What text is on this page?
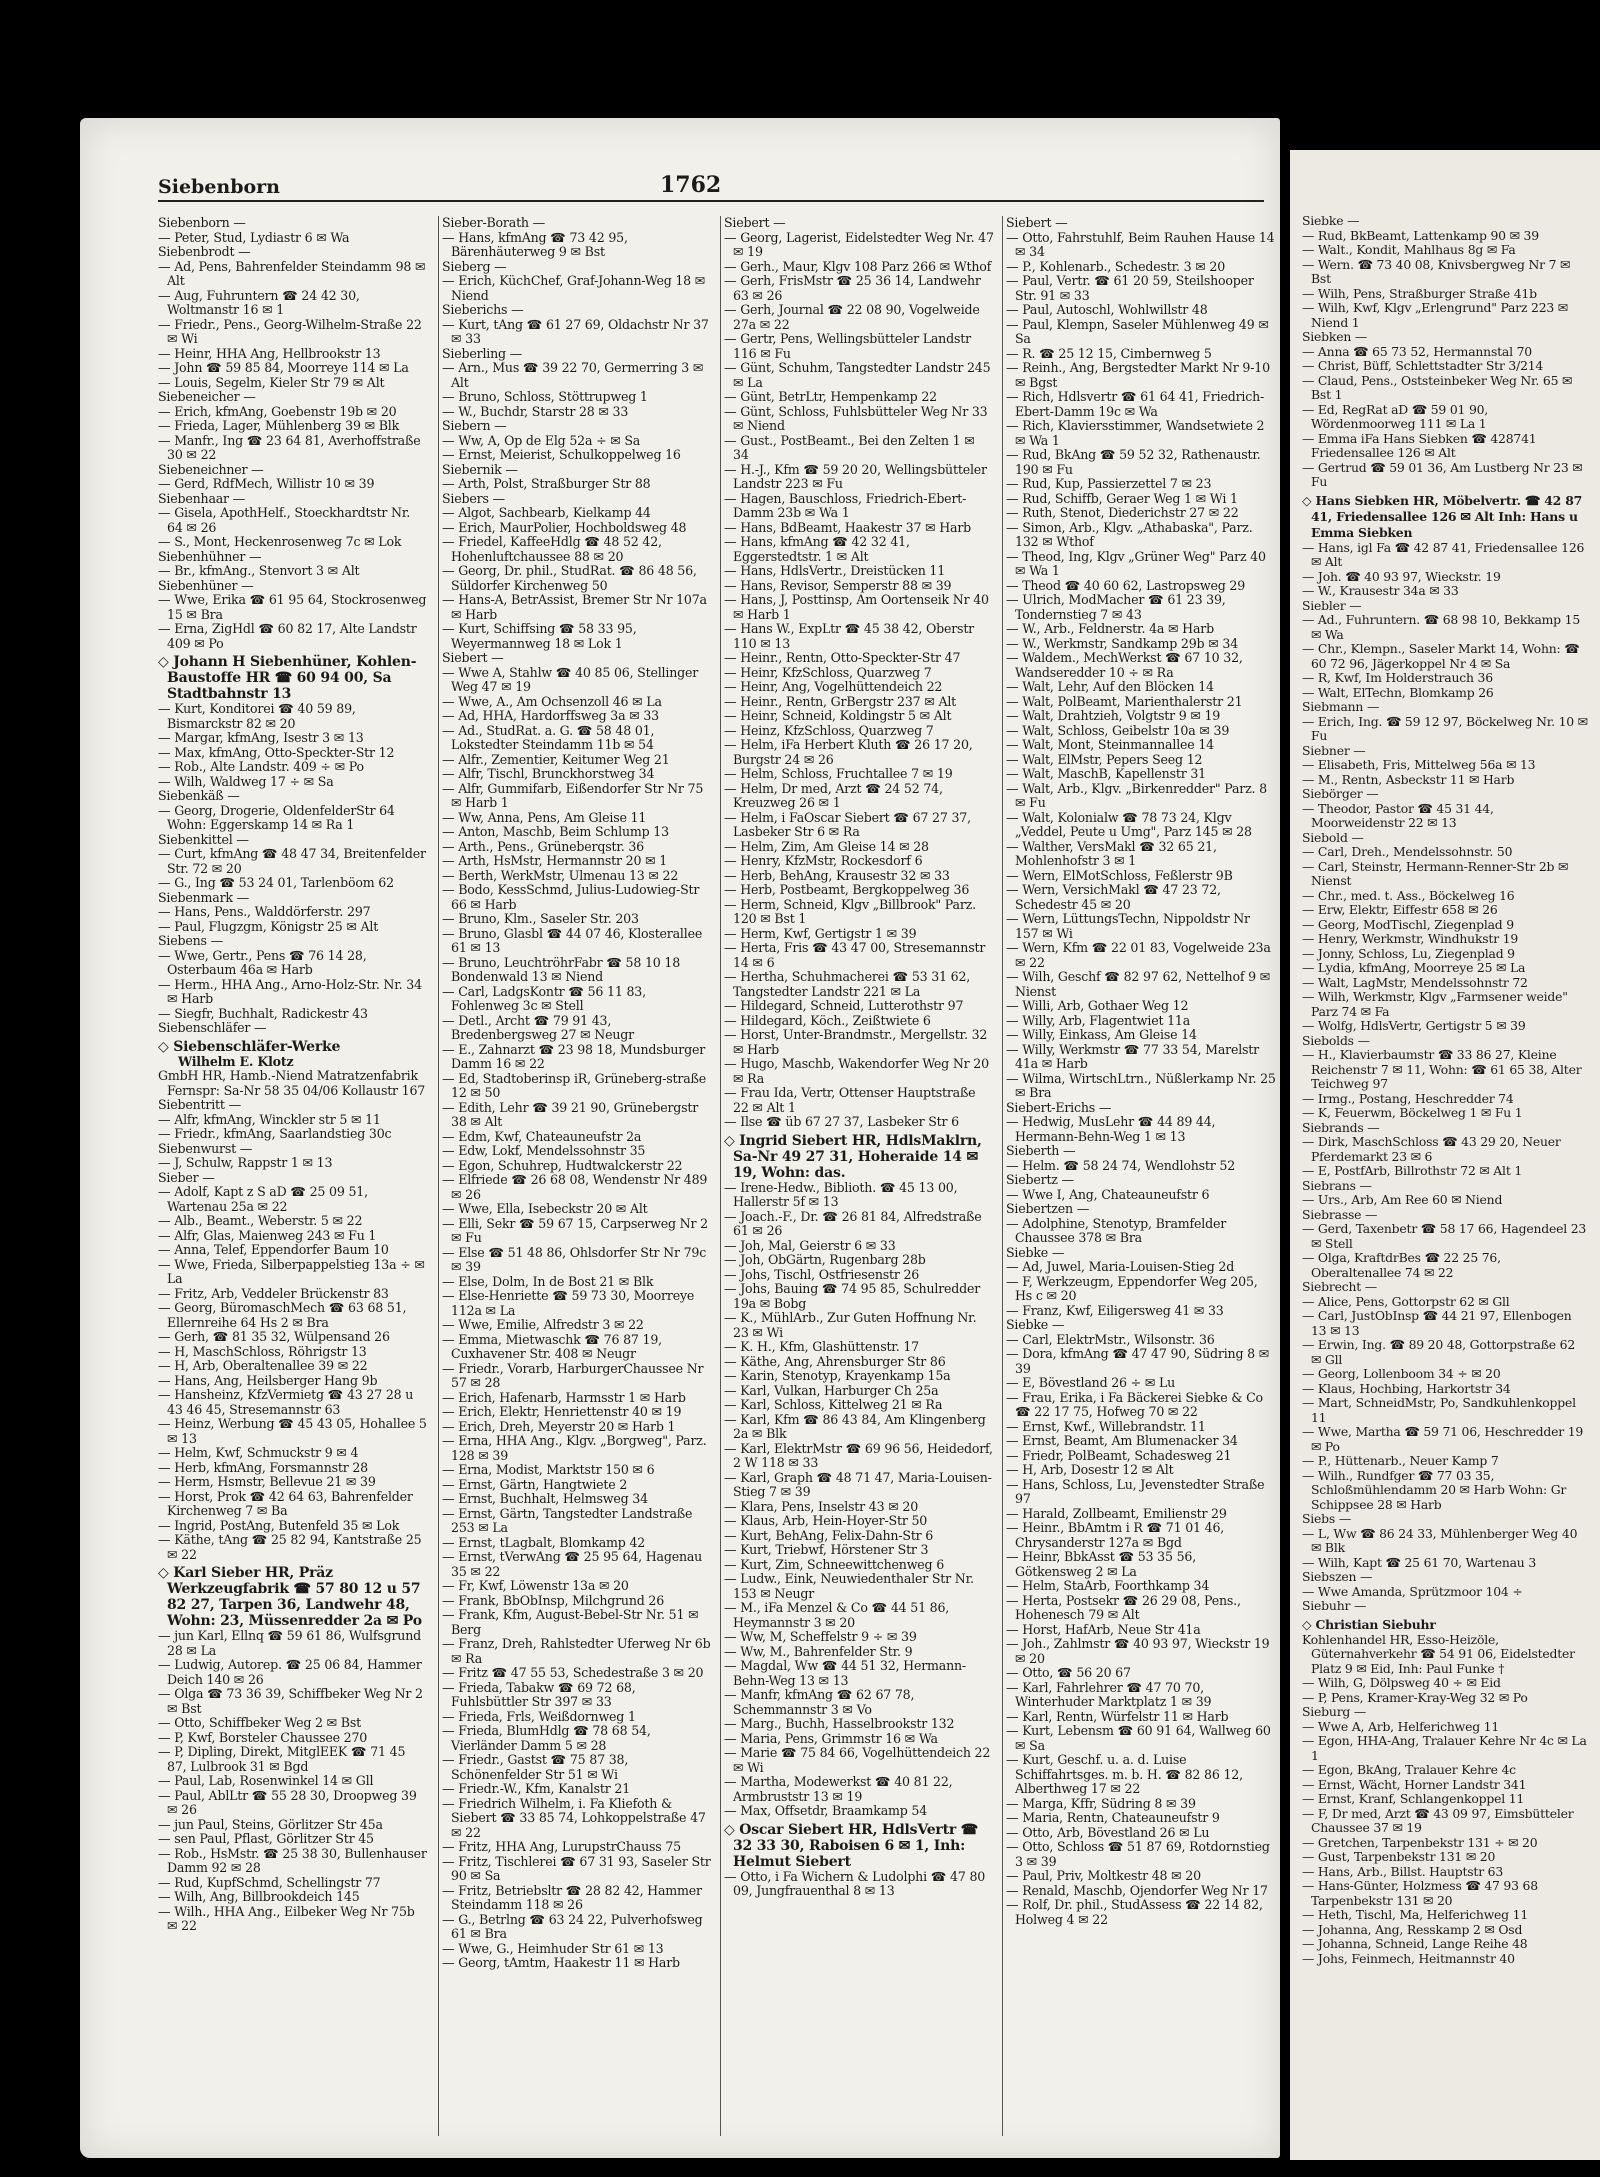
Siebenborn	1762
Siebenborn —
— Peter, Stud, Lydiastr 6 ✉ Wa
Siebenbrodt —
— Ad, Pens, Bahrenfelder Steindamm 98 ✉ Alt
— Aug, Fuhruntern ☎ 24 42 30, Woltmanstr 16 ✉ 1
— Friedr., Pens., Georg-Wilhelm-Straße 22 ✉ Wi
— Heinr, HHA Ang, Hellbrookstr 13
— John ☎ 59 85 84, Moorreye 114 ✉ La
— Louis, Segelm, Kieler Str 79 ✉ Alt
Siebeneicher —
— Erich, kfmAng, Goebenstr 19b ✉ 20
— Frieda, Lager, Mühlenberg 39 ✉ Blk
— Manfr., Ing ☎ 23 64 81, Averhoffstraße 30 ✉ 22
Siebeneichner —
— Gerd, RdfMech, Willistr 10 ✉ 39
Siebenhaar —
— Gisela, ApothHelf., Stoeckhardtstr Nr. 64 ✉ 26
— S., Mont, Heckenrosenweg 7c ✉ Lok
Siebenhühner —
— Br., kfmAng., Stenvort 3 ✉ Alt
Siebenhüner —
— Wwe, Erika ☎ 61 95 64, Stockrosenweg 15 ✉ Bra
— Erna, ZigHdl ☎ 60 82 17, Alte Landstr 409 ✉ Po
◇ Johann H Siebenhüner, Kohlen-Baustoffe HR ☎ 60 94 00, Sa Stadtbahnstr 13
— Kurt, Konditorei ☎ 40 59 89, Bismarckstr 82 ✉ 20
— Margar, kfmAng, Isestr 3 ✉ 13
— Max, kfmAng, Otto-Speckter-Str 12
— Rob., Alte Landstr. 409 ÷ ✉ Po
— Wilh, Waldweg 17 ÷ ✉ Sa
Siebenkäß —
— Georg, Drogerie, OldenfelderStr 64 Wohn: Eggerskamp 14 ✉ Ra 1
Siebenkittel —
— Curt, kfmAng ☎ 48 47 34, Breitenfelder Str. 72 ✉ 20
— G., Ing ☎ 53 24 01, Tarlenböom 62
Siebenmark —
— Hans, Pens., Walddörferstr. 297
— Paul, Flugzgm, Königstr 25 ✉ Alt
Siebens —
— Wwe, Gertr., Pens ☎ 76 14 28, Osterbaum 46a ✉ Harb
— Herm., HHA Ang., Arno-Holz-Str. Nr. 34 ✉ Harb
— Siegfr, Buchhalt, Radickestr 43
Siebenschläfer —
◇ Siebenschläfer-Werke
Wilhelm E. Klotz
GmbH HR, Hamb.-Niend Matratzenfabrik Fernspr: Sa-Nr 58 35 04/06 Kollaustr 167
Siebentritt —
— Alfr, kfmAng, Winckler str 5 ✉ 11
— Friedr., kfmAng, Saarlandstieg 30c
Siebenwurst —
— J, Schulw, Rappstr 1 ✉ 13
Sieber —
— Adolf, Kapt z S aD ☎ 25 09 51, Wartenau 25a ✉ 22
— Alb., Beamt., Weberstr. 5 ✉ 22
— Alfr, Glas, Maienweg 243 ✉ Fu 1
— Anna, Telef, Eppendorfer Baum 10
— Wwe, Frieda, Silberpappelstieg 13a ÷ ✉ La
— Fritz, Arb, Veddeler Brückenstr 83
— Georg, BüromaschMech ☎ 63 68 51, Ellernreihe 64 Hs 2 ✉ Bra
— Gerh, ☎ 81 35 32, Wülpensand 26
— H, MaschSchloss, Röhrigstr 13
— H, Arb, Oberaltenallee 39 ✉ 22
— Hans, Ang, Heilsberger Hang 9b
— Hansheinz, KfzVermietg ☎ 43 27 28 u 43 46 45, Stresemannstr 63
— Heinz, Werbung ☎ 45 43 05, Hohallee 5 ✉ 13
— Helm, Kwf, Schmuckstr 9 ✉ 4
— Herb, kfmAng, Forsmannstr 28
— Herm, Hsmstr, Bellevue 21 ✉ 39
— Horst, Prok ☎ 42 64 63, Bahrenfelder Kirchenweg 7 ✉ Ba
— Ingrid, PostAng, Butenfeld 35 ✉ Lok
— Käthe, tAng ☎ 25 82 94, Kantstraße 25 ✉ 22
◇ Karl Sieber HR, Präz Werkzeugfabrik ☎ 57 80 12 u 57 82 27, Tarpen 36, Landwehr 48, Wohn: 23, Müssenredder 2a ✉ Po
— jun Karl, Ellnq ☎ 59 61 86, Wulfsgrund 28 ✉ La
— Ludwig, Autorep. ☎ 25 06 84, Hammer Deich 140 ✉ 26
— Olga ☎ 73 36 39, Schiffbeker Weg Nr 2 ✉ Bst
— Otto, Schiffbeker Weg 2 ✉ Bst
— P, Kwf, Borsteler Chaussee 270
— P, Dipling, Direkt, MitglEEK ☎ 71 45 87, Lulbrook 31 ✉ Bgd
— Paul, Lab, Rosenwinkel 14 ✉ Gll
— Paul, AblLtr ☎ 55 28 30, Droopweg 39 ✉ 26
— jun Paul, Steins, Görlitzer Str 45a
— sen Paul, Pflast, Görlitzer Str 45
— Rob., HsMstr. ☎ 25 38 30, Bullenhauser Damm 92 ✉ 28
— Rud, KupfSchmd, Schellingstr 77
— Wilh, Ang, Billbrookdeich 145
— Wilh., HHA Ang., Eilbeker Weg Nr 75b ✉ 22
Sieber-Borath —
— Hans, kfmAng ☎ 73 42 95, Bärenhäuterweg 9 ✉ Bst
Sieberg —
— Erich, KüchChef, Graf-Johann-Weg 18 ✉ Niend
Sieberichs —
— Kurt, tAng ☎ 61 27 69, Oldachstr Nr 37 ✉ 33
Sieberling —
— Arn., Mus ☎ 39 22 70, Germerring 3 ✉ Alt
— Bruno, Schloss, Stöttrupweg 1
— W., Buchdr, Starstr 28 ✉ 33
Siebern —
— Ww, A, Op de Elg 52a ÷ ✉ Sa
— Ernst, Meierist, Schulkoppelweg 16
Siebernik —
— Arth, Polst, Straßburger Str 88
Siebers —
— Algot, Sachbearb, Kielkamp 44
— Erich, MaurPolier, Hochboldsweg 48
— Friedel, KaffeeHdlg ☎ 48 52 42, Hohenluftchaussee 88 ✉ 20
— Georg, Dr. phil., StudRat. ☎ 86 48 56, Süldorfer Kirchenweg 50
— Hans-A, BetrAssist, Bremer Str Nr 107a ✉ Harb
— Kurt, Schiffsing ☎ 58 33 95, Weyermannweg 18 ✉ Lok 1
Siebert —
— Wwe A, Stahlw ☎ 40 85 06, Stellinger Weg 47 ✉ 19
— Wwe, A., Am Ochsenzoll 46 ✉ La
— Ad, HHA, Hardorffsweg 3a ✉ 33
— Ad., StudRat. a. G. ☎ 58 48 01, Lokstedter Steindamm 11b ✉ 54
— Alfr., Zementier, Keitumer Weg 21
— Alfr, Tischl, Brunckhorstweg 34
— Alfr, Gummifarb, Eißendorfer Str Nr 75 ✉ Harb 1
— Ww, Anna, Pens, Am Gleise 11
— Anton, Maschb, Beim Schlump 13
— Arth., Pens., Grüneberqstr. 36
— Arth, HsMstr, Hermannstr 20 ✉ 1
— Berth, WerkMstr, Ulmenau 13 ✉ 22
— Bodo, KessSchmd, Julius-Ludowieg-Str 66 ✉ Harb
— Bruno, Klm., Saseler Str. 203
— Bruno, Glasbl ☎ 44 07 46, Klosterallee 61 ✉ 13
— Bruno, LeuchtröhrFabr ☎ 58 10 18 Bondenwald 13 ✉ Niend
— Carl, LadgsKontr ☎ 56 11 83, Fohlenweg 3c ✉ Stell
— Detl., Archt ☎ 79 91 43, Bredenbergsweg 27 ✉ Neugr
— E., Zahnarzt ☎ 23 98 18, Mundsburger Damm 16 ✉ 22
— Ed, Stadtoberinsp iR, Grüneberg-straße 12 ✉ 50
— Edith, Lehr ☎ 39 21 90, Grünebergstr 38 ✉ Alt
— Edm, Kwf, Chateauneufstr 2a
— Edw, Lokf, Mendelssohnstr 35
— Egon, Schuhrep, Hudtwalckerstr 22
— Elfriede ☎ 26 68 08, Wendenstr Nr 489 ✉ 26
— Wwe, Ella, Isebeckstr 20 ✉ Alt
— Elli, Sekr ☎ 59 67 15, Carpserweg Nr 2 ✉ Fu
— Else ☎ 51 48 86, Ohlsdorfer Str Nr 79c ✉ 39
— Else, Dolm, In de Bost 21 ✉ Blk
— Else-Henriette ☎ 59 73 30, Moorreye 112a ✉ La
— Wwe, Emilie, Alfredstr 3 ✉ 22
— Emma, Mietwaschk ☎ 76 87 19, Cuxhavener Str. 408 ✉ Neugr
— Friedr., Vorarb, HarburgerChaussee Nr 57 ✉ 28
— Erich, Hafenarb, Harmsstr 1 ✉ Harb
— Erich, Elektr, Henriettenstr 40 ✉ 19
— Erich, Dreh, Meyerstr 20 ✉ Harb 1
— Erna, HHA Ang., Klgv. „Borgweg", Parz. 128 ✉ 39
— Erna, Modist, Marktstr 150 ✉ 6
— Ernst, Gärtn, Hangtwiete 2
— Ernst, Buchhalt, Helmsweg 34
— Ernst, Gärtn, Tangstedter Landstraße 253 ✉ La
— Ernst, tLagbalt, Blomkamp 42
— Ernst, tVerwAng ☎ 25 95 64, Hagenau 35 ✉ 22
— Fr, Kwf, Löwenstr 13a ✉ 20
— Frank, BbObInsp, Milchgrund 26
— Frank, Kfm, August-Bebel-Str Nr. 51 ✉ Berg
— Franz, Dreh, Rahlstedter Uferweg Nr 6b ✉ Ra
— Fritz ☎ 47 55 53, Schedestraße 3 ✉ 20
— Frieda, Tabakw ☎ 69 72 68, Fuhlsbüttler Str 397 ✉ 33
— Frieda, Frls, Weißdornweg 1
— Frieda, BlumHdlg ☎ 78 68 54, Vierländer Damm 5 ✉ 28
— Friedr., Gastst ☎ 75 87 38, Schönenfelder Str 51 ✉ Wi
— Friedr.-W., Kfm, Kanalstr 21
— Friedrich Wilhelm, i. Fa Kliefoth & Siebert ☎ 33 85 74, Lohkoppelstraße 47 ✉ 22
— Fritz, HHA Ang, LurupstrChauss 75
— Fritz, Tischlerei ☎ 67 31 93, Saseler Str 90 ✉ Sa
— Fritz, Betriebsltr ☎ 28 82 42, Hammer Steindamm 118 ✉ 26
— G., Betrlng ☎ 63 24 22, Pulverhofsweg 61 ✉ Bra
— Wwe, G., Heimhuder Str 61 ✉ 13
— Georg, tAmtm, Haakestr 11 ✉ Harb
Siebert —
— Georg, Lagerist, Eidelstedter Weg Nr. 47 ✉ 19
— Gerh., Maur, Klgv 108 Parz 266 ✉ Wthof
— Gerh, FrisMstr ☎ 25 36 14, Landwehr 63 ✉ 26
— Gerh, Journal ☎ 22 08 90, Vogelweide 27a ✉ 22
— Gertr, Pens, Wellingsbütteler Landstr 116 ✉ Fu
— Günt, Schuhm, Tangstedter Landstr 245 ✉ La
— Günt, BetrLtr, Hempenkamp 22
— Günt, Schloss, Fuhlsbütteler Weg Nr 33 ✉ Niend
— Gust., PostBeamt., Bei den Zelten 1 ✉ 34
— H.-J., Kfm ☎ 59 20 20, Wellingsbütteler Landstr 223 ✉ Fu
— Hagen, Bauschloss, Friedrich-Ebert-Damm 23b ✉ Wa 1
— Hans, BdBeamt, Haakestr 37 ✉ Harb
— Hans, kfmAng ☎ 42 32 41, Eggerstedtstr. 1 ✉ Alt
— Hans, HdlsVertr., Dreistücken 11
— Hans, Revisor, Semperstr 88 ✉ 39
— Hans, J, Posttinsp, Am Oortenseik Nr 40 ✉ Harb 1
— Hans W., ExpLtr ☎ 45 38 42, Oberstr 110 ✉ 13
— Heinr., Rentn, Otto-Speckter-Str 47
— Heinr, KfzSchloss, Quarzweg 7
— Heinr, Ang, Vogelhüttendeich 22
— Heinr., Rentn, GrBergstr 237 ✉ Alt
— Heinr, Schneid, Koldingstr 5 ✉ Alt
— Heinz, KfzSchloss, Quarzweg 7
— Helm, iFa Herbert Kluth ☎ 26 17 20, Burgstr 24 ✉ 26
— Helm, Schloss, Fruchtallee 7 ✉ 19
— Helm, Dr med, Arzt ☎ 24 52 74, Kreuzweg 26 ✉ 1
— Helm, i FaOscar Siebert ☎ 67 27 37, Lasbeker Str 6 ✉ Ra
— Helm, Zim, Am Gleise 14 ✉ 28
— Henry, KfzMstr, Rockesdorf 6
— Herb, BehAng, Krausestr 32 ✉ 33
— Herb, Postbeamt, Bergkoppelweg 36
— Herm, Schneid, Klgv „Billbrook" Parz. 120 ✉ Bst 1
— Herm, Kwf, Gertigstr 1 ✉ 39
— Herta, Fris ☎ 43 47 00, Stresemannstr 14 ✉ 6
— Hertha, Schuhmacherei ☎ 53 31 62, Tangstedter Landstr 221 ✉ La
— Hildegard, Schneid, Lutterothstr 97
— Hildegard, Köch., Zeißtwiete 6
— Horst, Unter-Brandmstr., Mergellstr. 32 ✉ Harb
— Hugo, Maschb, Wakendorfer Weg Nr 20 ✉ Ra
— Frau Ida, Vertr, Ottenser Hauptstraße 22 ✉ Alt 1
— Ilse ☎ üb 67 27 37, Lasbeker Str 6
◇ Ingrid Siebert HR, HdlsMaklrn, Sa-Nr 49 27 31, Hoheraide 14 ✉ 19, Wohn: das.
— Irene-Hedw., Biblioth. ☎ 45 13 00, Hallerstr 5f ✉ 13
— Joach.-F., Dr. ☎ 26 81 84, Alfredstraße 61 ✉ 26
— Joh, Mal, Geierstr 6 ✉ 33
— Joh, ObGärtn, Rugenbarg 28b
— Johs, Tischl, Ostfriesenstr 26
— Johs, Bauing ☎ 74 95 85, Schulredder 19a ✉ Bobg
— K., MühlArb., Zur Guten Hoffnung Nr. 23 ✉ Wi
— K. H., Kfm, Glashüttenstr. 17
— Käthe, Ang, Ahrensburger Str 86
— Karin, Stenotyp, Krayenkamp 15a
— Karl, Vulkan, Harburger Ch 25a
— Karl, Schloss, Kittelweg 21 ✉ Ra
— Karl, Kfm ☎ 86 43 84, Am Klingenberg 2a ✉ Blk
— Karl, ElektrMstr ☎ 69 96 56, Heidedorf, 2 W 118 ✉ 33
— Karl, Graph ☎ 48 71 47, Maria-Louisen-Stieg 7 ✉ 39
— Klara, Pens, Inselstr 43 ✉ 20
— Klaus, Arb, Hein-Hoyer-Str 50
— Kurt, BehAng, Felix-Dahn-Str 6
— Kurt, Triebwf, Hörstener Str 3
— Kurt, Zim, Schneewittchenweg 6
— Ludw., Eink, Neuwiedenthaler Str Nr. 153 ✉ Neugr
— M., iFa Menzel & Co ☎ 44 51 86, Heymannstr 3 ✉ 20
— Ww, M, Scheffelstr 9 ÷ ✉ 39
— Ww, M., Bahrenfelder Str. 9
— Magdal, Ww ☎ 44 51 32, Hermann-Behn-Weg 13 ✉ 13
— Manfr, kfmAng ☎ 62 67 78, Schemmannstr 3 ✉ Vo
— Marg., Buchh, Hasselbrookstr 132
— Maria, Pens, Grimmstr 16 ✉ Wa
— Marie ☎ 75 84 66, Vogelhüttendeich 22 ✉ Wi
— Martha, Modewerkst ☎ 40 81 22, Armbruststr 13 ✉ 19
— Max, Offsetdr, Braamkamp 54
◇ Oscar Siebert HR, HdlsVertr ☎ 32 33 30, Raboisen 6 ✉ 1, Inh: Helmut Siebert
— Otto, i Fa Wichern & Ludolphi ☎ 47 80 09, Jungfrauenthal 8 ✉ 13
Siebert —
— Otto, Fahrstuhlf, Beim Rauhen Hause 14 ✉ 34
— P., Kohlenarb., Schedestr. 3 ✉ 20
— Paul, Vertr. ☎ 61 20 59, Steilshooper Str. 91 ✉ 33
— Paul, Autoschl, Wohlwillstr 48
— Paul, Klempn, Saseler Mühlenweg 49 ✉ Sa
— R. ☎ 25 12 15, Cimbernweg 5
— Reinh., Ang, Bergstedter Markt Nr 9-10 ✉ Bgst
— Rich, Hdlsvertr ☎ 61 64 41, Friedrich-Ebert-Damm 19c ✉ Wa
— Rich, Klaviersstimmer, Wandsetwiete 2 ✉ Wa 1
— Rud, BkAng ☎ 59 52 32, Rathenaustr. 190 ✉ Fu
— Rud, Kup, Passierzettel 7 ✉ 23
— Rud, Schiffb, Geraer Weg 1 ✉ Wi 1
— Ruth, Stenot, Diederichstr 27 ✉ 22
— Simon, Arb., Klgv. „Athabaska", Parz. 132 ✉ Wthof
— Theod, Ing, Klgv „Grüner Weg" Parz 40 ✉ Wa 1
— Theod ☎ 40 60 62, Lastropsweg 29
— Ulrich, ModMacher ☎ 61 23 39, Tondernstieg 7 ✉ 43
— W., Arb., Feldnerstr. 4a ✉ Harb
— W., Werkmstr, Sandkamp 29b ✉ 34
— Waldem., MechWerkst ☎ 67 10 32, Wandseredder 10 ÷ ✉ Ra
— Walt, Lehr, Auf den Blöcken 14
— Walt, PolBeamt, Marienthalerstr 21
— Walt, Drahtzieh, Volgtstr 9 ✉ 19
— Walt, Schloss, Geibelstr 10a ✉ 39
— Walt, Mont, Steinmannallee 14
— Walt, ElMstr, Pepers Seeg 12
— Walt, MaschB, Kapellenstr 31
— Walt, Arb., Klgv. „Birkenredder" Parz. 8 ✉ Fu
— Walt, Kolonialw ☎ 78 73 24, Klgv „Veddel, Peute u Umg", Parz 145 ✉ 28
— Walther, VersMakl ☎ 32 65 21, Mohlenhofstr 3 ✉ 1
— Wern, ElMotSchloss, Feßlerstr 9B
— Wern, VersichMakl ☎ 47 23 72, Schedestr 45 ✉ 20
— Wern, LüttungsTechn, Nippoldstr Nr 157 ✉ Wi
— Wern, Kfm ☎ 22 01 83, Vogelweide 23a ✉ 22
— Wilh, Geschf ☎ 82 97 62, Nettelhof 9 ✉ Nienst
— Willi, Arb, Gothaer Weg 12
— Willy, Arb, Flagentwiet 11a
— Willy, Einkass, Am Gleise 14
— Willy, Werkmstr ☎ 77 33 54, Marelstr 41a ✉ Harb
— Wilma, WirtschLtrn., Nüßlerkamp Nr. 25 ✉ Bra
Siebert-Erichs —
— Hedwig, MusLehr ☎ 44 89 44, Hermann-Behn-Weg 1 ✉ 13
Sieberth —
— Helm. ☎ 58 24 74, Wendlohstr 52
Siebertz —
— Wwe I, Ang, Chateauneufstr 6
Siebertzen —
— Adolphine, Stenotyp, Bramfelder Chaussee 378 ✉ Bra
Siebke —
— Ad, Juwel, Maria-Louisen-Stieg 2d
— F, Werkzeugm, Eppendorfer Weg 205, Hs c ✉ 20
— Franz, Kwf, Eiligersweg 41 ✉ 33
Siebke —
— Carl, ElektrMstr., Wilsonstr. 36
— Dora, kfmAng ☎ 47 47 90, Südring 8 ✉ 39
— E, Bövestland 26 ÷ ✉ Lu
— Frau, Erika, i Fa Bäckerei Siebke & Co ☎ 22 17 75, Hofweg 70 ✉ 22
— Ernst, Kwf., Willebrandstr. 11
— Ernst, Beamt, Am Blumenacker 34
— Friedr, PolBeamt, Schadesweg 21
— H, Arb, Dosestr 12 ✉ Alt
— Hans, Schloss, Lu, Jevenstedter Straße 97
— Harald, Zollbeamt, Emilienstr 29
— Heinr., BbAmtm i R ☎ 71 01 46, Chrysanderstr 127a ✉ Bgd
— Heinr, BbkAsst ☎ 53 35 56, Götkensweg 2 ✉ La
— Helm, StaArb, Foorthkamp 34
— Herta, Postsekr ☎ 26 29 08, Pens., Hohenesch 79 ✉ Alt
— Horst, HafArb, Neue Str 41a
— Joh., Zahlmstr ☎ 40 93 97, Wieckstr 19 ✉ 20
— Otto, ☎ 56 20 67
— Karl, Fahrlehrer ☎ 47 70 70, Winterhuder Marktplatz 1 ✉ 39
— Karl, Rentn, Würfelstr 11 ✉ Harb
— Kurt, Lebensm ☎ 60 91 64, Wallweg 60 ✉ Sa
— Kurt, Geschf. u. a. d. Luise Schiffahrtsges. m. b. H. ☎ 82 86 12, Alberthweg 17 ✉ 22
— Marga, Kffr, Südring 8 ✉ 39
— Maria, Rentn, Chateauneufstr 9
— Otto, Arb, Bövestland 26 ✉ Lu
— Otto, Schloss ☎ 51 87 69, Rotdornstieg 3 ✉ 39
— Paul, Priv, Moltkestr 48 ✉ 20
— Renald, Maschb, Ojendorfer Weg Nr 17
— Rolf, Dr. phil., StudAssess ☎ 22 14 82, Holweg 4 ✉ 22
Siebke —
— Rud, BkBeamt, Lattenkamp 90 ✉ 39
— Walt., Kondit, Mahlhaus 8g ✉ Fa
— Wern. ☎ 73 40 08, Knivsbergweg Nr 7 ✉ Bst
— Wilh, Pens, Straßburger Straße 41b
— Wilh, Kwf, Klgv „Erlengrund" Parz 223 ✉ Niend 1
Siebken —
— Anna ☎ 65 73 52, Hermannstal 70
— Christ, Büff, Schlettstadter Str 3/214
— Claud, Pens., Oststeinbeker Weg Nr. 65 ✉ Bst 1
— Ed, RegRat aD ☎ 59 01 90, Wördenmoorweg 111 ✉ La 1
— Emma iFa Hans Siebken ☎ 428741 Friedensallee 126 ✉ Alt
— Gertrud ☎ 59 01 36, Am Lustberg Nr 23 ✉ Fu
◇ Hans Siebken HR, Möbelvertr. ☎ 42 87 41, Friedensallee 126 ✉ Alt Inh: Hans u Emma Siebken
— Hans, igl Fa ☎ 42 87 41, Friedensallee 126 ✉ Alt
— Joh. ☎ 40 93 97, Wieckstr. 19
— W., Krausestr 34a ✉ 33
Siebler —
— Ad., Fuhruntern. ☎ 68 98 10, Bekkamp 15 ✉ Wa
— Chr., Klempn., Saseler Markt 14, Wohn: ☎ 60 72 96, Jägerkoppel Nr 4 ✉ Sa
— R, Kwf, Im Holderstrauch 36
— Walt, ElTechn, Blomkamp 26
Siebmann —
— Erich, Ing. ☎ 59 12 97, Böckelweg Nr. 10 ✉ Fu
Siebner —
— Elisabeth, Fris, Mittelweg 56a ✉ 13
— M., Rentn, Asbeckstr 11 ✉ Harb
Siebörger —
— Theodor, Pastor ☎ 45 31 44, Moorweidenstr 22 ✉ 13
Siebold —
— Carl, Dreh., Mendelssohnstr. 50
— Carl, Steinstr, Hermann-Renner-Str 2b ✉ Nienst
— Chr., med. t. Ass., Böckelweg 16
— Erw, Elektr, Eiffestr 658 ✉ 26
— Georg, ModTischl, Ziegenplad 9
— Henry, Werkmstr, Windhukstr 19
— Jonny, Schloss, Lu, Ziegenplad 9
— Lydia, kfmAng, Moorreye 25 ✉ La
— Walt, LagMstr, Mendelssohnstr 72
— Wilh, Werkmstr, Klgv „Farmsener weide" Parz 74 ✉ Fa
— Wolfg, HdlsVertr, Gertigstr 5 ✉ 39
Siebolds —
— H., Klavierbaumstr ☎ 33 86 27, Kleine Reichenstr 7 ✉ 11, Wohn: ☎ 61 65 38, Alter Teichweg 97
— Irmg., Postang, Heschredder 74
— K, Feuerwm, Böckelweg 1 ✉ Fu 1
Siebrands —
— Dirk, MaschSchloss ☎ 43 29 20, Neuer Pferdemarkt 23 ✉ 6
— E, PostfArb, Billrothstr 72 ✉ Alt 1
Siebrans —
— Urs., Arb, Am Ree 60 ✉ Niend
Siebrasse —
— Gerd, Taxenbetr ☎ 58 17 66, Hagendeel 23 ✉ Stell
— Olga, KraftdrBes ☎ 22 25 76, Oberaltenallee 74 ✉ 22
Siebrecht —
— Alice, Pens, Gottorpstr 62 ✉ Gll
— Carl, JustObInsp ☎ 44 21 97, Ellenbogen 13 ✉ 13
— Erwin, Ing. ☎ 89 20 48, Gottorpstraße 62 ✉ Gll
— Georg, Lollenboom 34 ÷ ✉ 20
— Klaus, Hochbing, Harkortstr 34
— Mart, SchneidMstr, Po, Sandkuhlenkoppel 11
— Wwe, Martha ☎ 59 71 06, Heschredder 19 ✉ Po
— P., Hüttenarb., Neuer Kamp 7
— Wilh., Rundfger ☎ 77 03 35, Schloßmühlendamm 20 ✉ Harb Wohn: Gr Schippsee 28 ✉ Harb
Siebs —
— L, Ww ☎ 86 24 33, Mühlenberger Weg 40 ✉ Blk
— Wilh, Kapt ☎ 25 61 70, Wartenau 3
Siebszen —
— Wwe Amanda, Sprützmoor 104 ÷
Siebuhr —
◇ Christian Siebuhr
Kohlenhandel HR, Esso-Heizöle, Güternahverkehr ☎ 54 91 06, Eidelstedter Platz 9 ✉ Eid, Inh: Paul Funke †
— Wilh, G, Dölpsweg 40 ÷ ✉ Eid
— P, Pens, Kramer-Kray-Weg 32 ✉ Po
Sieburg —
— Wwe A, Arb, Helferichweg 11
— Egon, HHA-Ang, Tralauer Kehre Nr 4c ✉ La 1
— Egon, BkAng, Tralauer Kehre 4c
— Ernst, Wächt, Horner Landstr 341
— Ernst, Kranf, Schlangenkoppel 11
— F, Dr med, Arzt ☎ 43 09 97, Eimsbütteler Chaussee 37 ✉ 19
— Gretchen, Tarpenbekstr 131 ÷ ✉ 20
— Gust, Tarpenbekstr 131 ✉ 20
— Hans, Arb., Billst. Hauptstr 63
— Hans-Günter, Holzmess ☎ 47 93 68 Tarpenbekstr 131 ✉ 20
— Heth, Tischl, Ma, Helferichweg 11
— Johanna, Ang, Resskamp 2 ✉ Osd
— Johanna, Schneid, Lange Reihe 48
— Johs, Feinmech, Heitmannstr 40
